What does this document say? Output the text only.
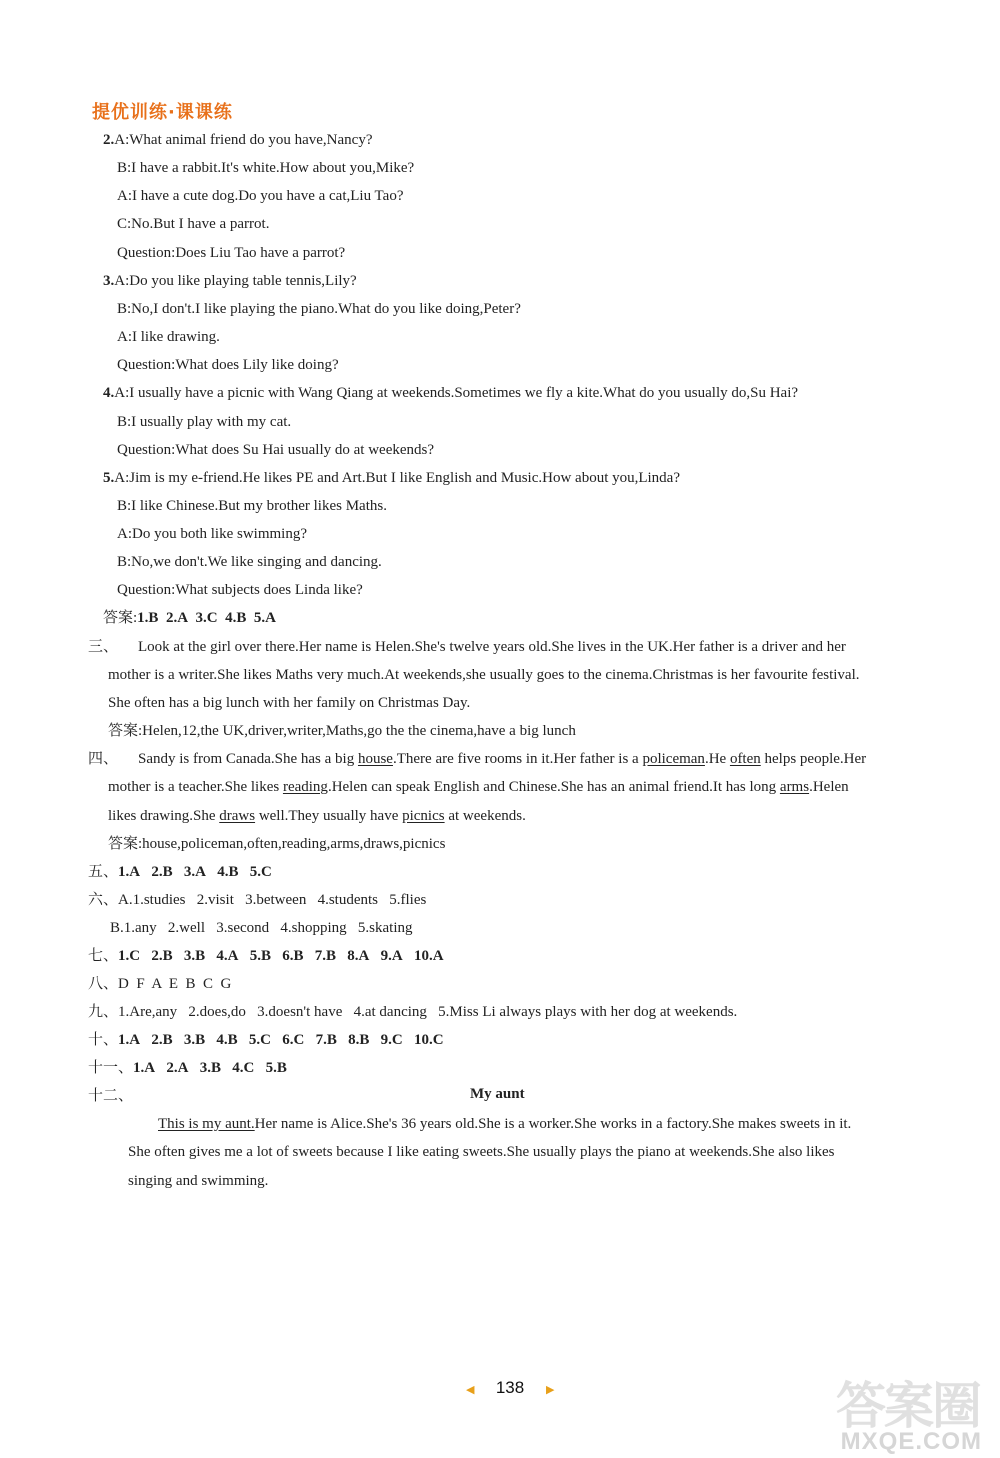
提优训练·课课练
2.A:What animal friend do you have,Nancy?
B:I have a rabbit.It's white.How about you,Mike?
A:I have a cute dog.Do you have a cat,Liu Tao?
C:No.But I have a parrot.
Question:Does Liu Tao have a parrot?
3.A:Do you like playing table tennis,Lily?
B:No,I don't.I like playing the piano.What do you like doing,Peter?
A:I like drawing.
Question:What does Lily like doing?
4.A:I usually have a picnic with Wang Qiang at weekends.Sometimes we fly a kite.What do you usually do,Su Hai?
B:I usually play with my cat.
Question:What does Su Hai usually do at weekends?
5.A:Jim is my e-friend.He likes PE and Art.But I like English and Music.How about you,Linda?
B:I like Chinese.But my brother likes Maths.
A:Do you both like swimming?
B:No,we don't.We like singing and dancing.
Question:What subjects does Linda like?
答案:1.B 2.A 3.C 4.B 5.A
三、 Look at the girl over there.Her name is Helen.She's twelve years old.She lives in the UK.Her father is a driver and her
mother is a writer.She likes Maths very much.At weekends,she usually goes to the cinema.Christmas is her favourite festival.
She often has a big lunch with her family on Christmas Day.
答案:Helen,12,the UK,driver,writer,Maths,go the the cinema,have a big lunch
四、 Sandy is from Canada.She has a big house.There are five rooms in it.Her father is a policeman.He often helps people.Her
mother is a teacher.She likes reading.Helen can speak English and Chinese.She has an animal friend.It has long arms.Helen
likes drawing.She draws well.They usually have picnics at weekends.
答案:house,policeman,often,reading,arms,draws,picnics
五、1.A 2.B 3.A 4.B 5.C
六、A.1.studies 2.visit 3.between 4.students 5.flies
B.1.any 2.well 3.second 4.shopping 5.skating
七、1.C 2.B 3.B 4.A 5.B 6.B 7.B 8.A 9.A 10.A
八、D  F  A  E  B  C  G
九、1.Are,any 2.does,do 3.doesn't have 4.at dancing 5.Miss Li always plays with her dog at weekends.
十、1.A 2.B 3.B 4.B 5.C 6.C 7.B 8.B 9.C 10.C
十一、1.A 2.A 3.B 4.C 5.B
十二、	My aunt
This is my aunt.Her name is Alice.She's 36 years old.She is a worker.She works in a factory.She makes sweets in it.
She often gives me a lot of sweets because I like eating sweets.She usually plays the piano at weekends.She also likes
singing and swimming.
◀	138	▶	答案圈
MXQE.COM
